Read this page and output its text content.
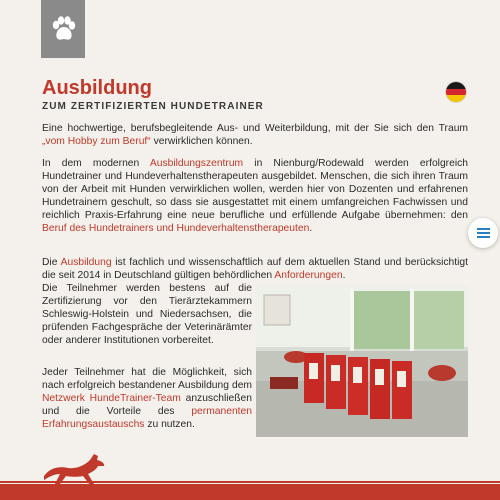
Ausbildung
ZUM ZERTIFIZIERTEN HUNDETRAINER

Eine hochwertige, berufsbegleitende Aus- und Weiterbildung, mit der Sie sich den Traum „vom Hobby zum Beruf“ verwirklichen können.

In dem modernen Ausbildungszentrum in Nienburg/Rodewald werden erfolgreich Hundetrainer und Hundeverhaltenstherapeuten ausgebildet. Menschen, die sich ihren Traum von der Arbeit mit Hunden verwirklichen wollen, werden hier von Dozenten und erfahrenen Hundetrainern geschult, so dass sie ausgestattet mit einem umfangreichen Fachwissen und reichlich Praxis-Erfahrung eine neue berufliche und erfüllende Aufgabe übernehmen: den Beruf des Hundetrainers und Hundeverhaltenstherapeuten.

Die Ausbildung ist fachlich und wissenschaftlich auf dem aktuellen Stand und berücksichtigt die seit 2014 in Deutschland gültigen behördlichen Anforderungen.

Die Teilnehmer werden bestens auf die Zertifizierung vor den Tierärztekammern Schleswig-Holstein und Niedersachsen, die prüfenden Fachgespräche der Veterinärämter oder anderer Institutionen vorbereitet.

Jeder Teilnehmer hat die Möglichkeit, sich nach erfolgreich bestandener Ausbildung dem Netzwerk HundeTrainer-Team anzuschließen und die Vorteile des permanenten Erfahrungsaustauschs zu nutzen.
